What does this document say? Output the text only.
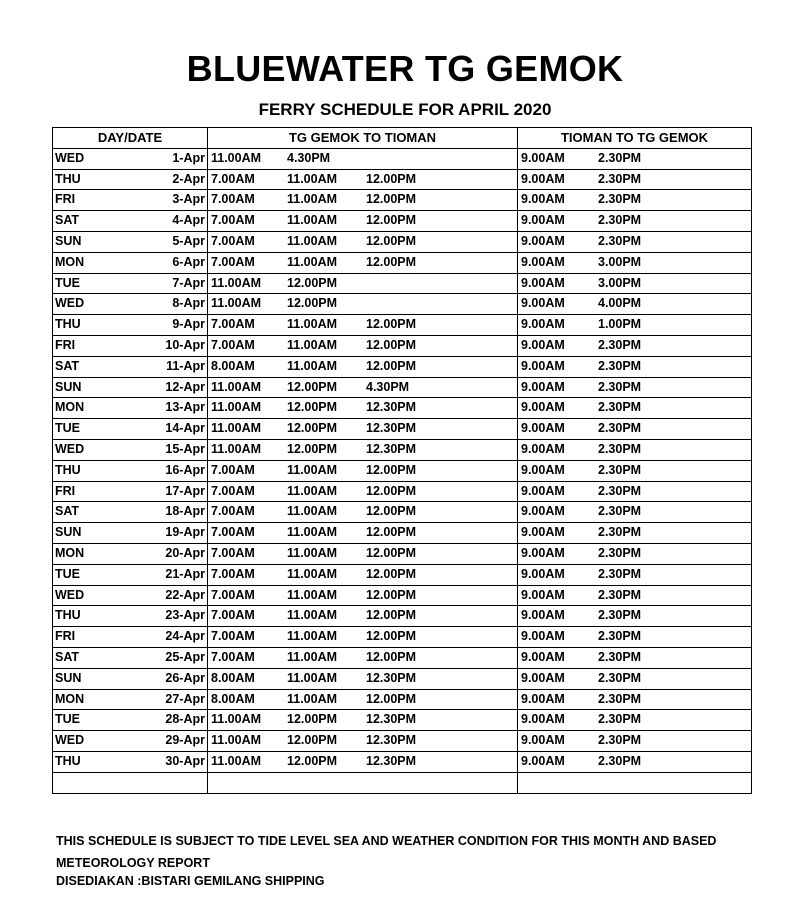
BLUEWATER TG GEMOK
FERRY SCHEDULE FOR APRIL 2020
DAY/DATE	TG GEMOK TO TIOMAN	TIOMAN TO TG GEMOK

WED 1-Apr	11.00AM 4.30PM	9.00AM 2.30PM

THU 2-Apr	7.00AM 11.00AM 12.00PM	9.00AM 2.30PM

FRI 3-Apr	7.00AM 11.00AM 12.00PM	9.00AM 2.30PM

SAT 4-Apr	7.00AM 11.00AM 12.00PM	9.00AM 2.30PM

SUN 5-Apr	7.00AM 11.00AM 12.00PM	9.00AM 2.30PM

MON 6-Apr	7.00AM 11.00AM 12.00PM	9.00AM 3.00PM

TUE 7-Apr	11.00AM 12.00PM	9.00AM 3.00PM

WED 8-Apr	11.00AM 12.00PM	9.00AM 4.00PM

THU 9-Apr	7.00AM 11.00AM 12.00PM	9.00AM 1.00PM

FRI 10-Apr	7.00AM 11.00AM 12.00PM	9.00AM 2.30PM

SAT 11-Apr	8.00AM 11.00AM 12.00PM	9.00AM 2.30PM

SUN 12-Apr	11.00AM 12.00PM 4.30PM	9.00AM 2.30PM

MON 13-Apr	11.00AM 12.00PM 12.30PM	9.00AM 2.30PM

TUE 14-Apr	11.00AM 12.00PM 12.30PM	9.00AM 2.30PM

WED 15-Apr	11.00AM 12.00PM 12.30PM	9.00AM 2.30PM

THU 16-Apr	7.00AM 11.00AM 12.00PM	9.00AM 2.30PM

FRI 17-Apr	7.00AM 11.00AM 12.00PM	9.00AM 2.30PM

SAT 18-Apr	7.00AM 11.00AM 12.00PM	9.00AM 2.30PM

SUN 19-Apr	7.00AM 11.00AM 12.00PM	9.00AM 2.30PM

MON 20-Apr	7.00AM 11.00AM 12.00PM	9.00AM 2.30PM

TUE 21-Apr	7.00AM 11.00AM 12.00PM	9.00AM 2.30PM

WED 22-Apr	7.00AM 11.00AM 12.00PM	9.00AM 2.30PM

THU 23-Apr	7.00AM 11.00AM 12.00PM	9.00AM 2.30PM

FRI 24-Apr	7.00AM 11.00AM 12.00PM	9.00AM 2.30PM

SAT 25-Apr	7.00AM 11.00AM 12.00PM	9.00AM 2.30PM

SUN 26-Apr	8.00AM 11.00AM 12.30PM	9.00AM 2.30PM

MON 27-Apr	8.00AM 11.00AM 12.00PM	9.00AM 2.30PM

TUE 28-Apr	11.00AM 12.00PM 12.30PM	9.00AM 2.30PM

WED 29-Apr	11.00AM 12.00PM 12.30PM	9.00AM 2.30PM

THU 30-Apr	11.00AM 12.00PM 12.30PM	9.00AM 2.30PM

THIS SCHEDULE IS SUBJECT TO TIDE LEVEL SEA AND WEATHER CONDITION FOR THIS MONTH AND BASED
METEOROLOGY REPORT
DISEDIAKAN :BISTARI GEMILANG SHIPPING
